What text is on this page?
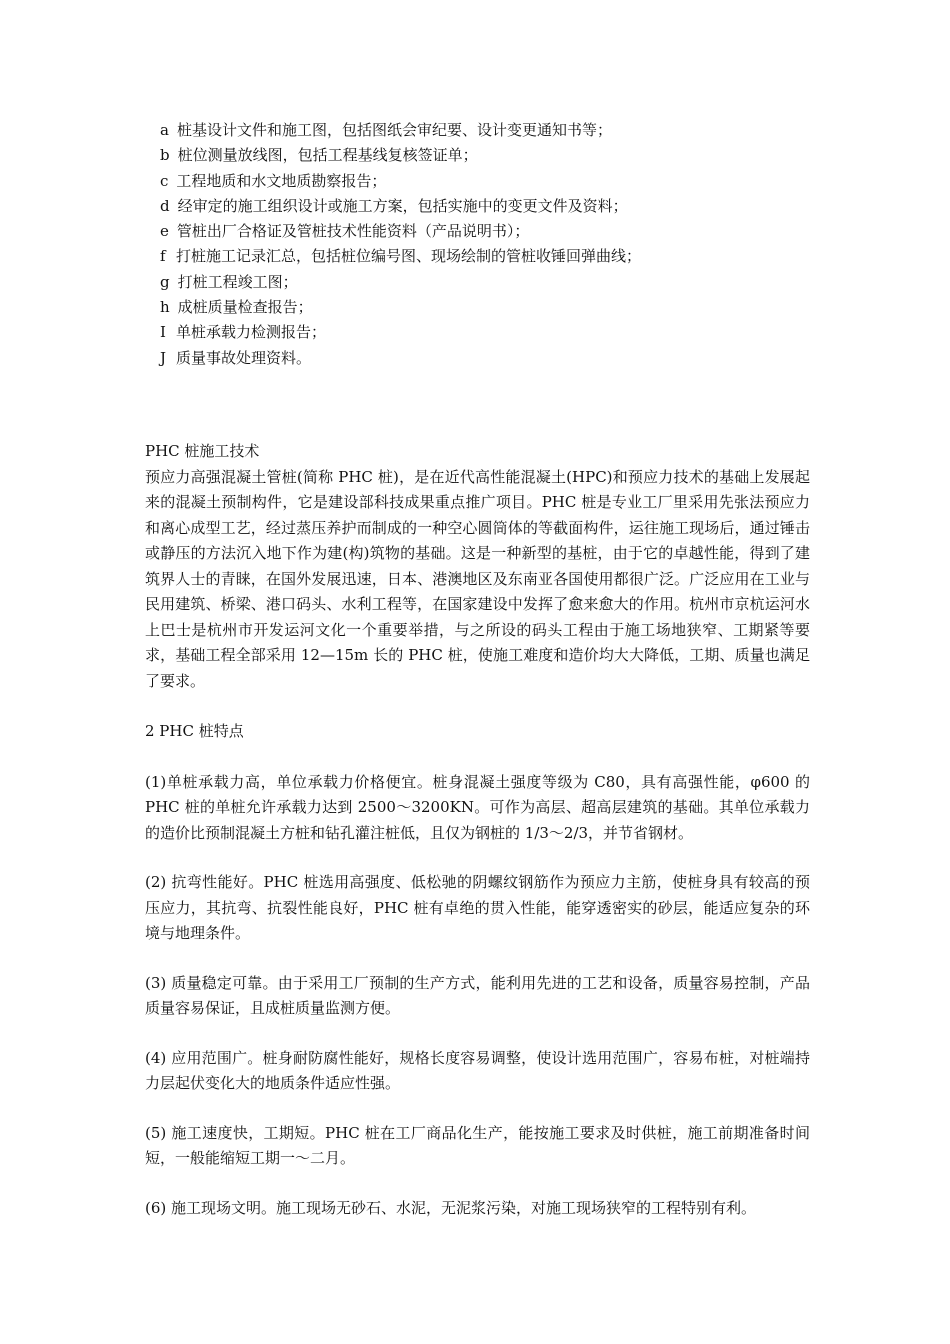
a 桩基设计文件和施工图，包括图纸会审纪要、设计变更通知书等；
b 桩位测量放线图，包括工程基线复核签证单；
c 工程地质和水文地质勘察报告；
d 经审定的施工组织设计或施工方案，包括实施中的变更文件及资料；
e 管桩出厂合格证及管桩技术性能资料（产品说明书）；
f 打桩施工记录汇总，包括桩位编号图、现场绘制的管桩收锤回弹曲线；
g 打桩工程竣工图；
h 成桩质量检查报告；
I 单桩承载力检测报告；
J 质量事故处理资料。
PHC 桩施工技术

预应力高强混凝土管桩(简称 PHC 桩)，是在近代高性能混凝土(HPC)和预应力技术的基础上发展起来的混凝土预制构件，它是建设部科技成果重点推广项目。PHC 桩是专业工厂里采用先张法预应力和离心成型工艺，经过蒸压养护而制成的一种空心圆筒体的等截面构件，运往施工现场后，通过锤击或静压的方法沉入地下作为建(构)筑物的基础。这是一种新型的基桩，由于它的卓越性能，得到了建筑界人士的青睐，在国外发展迅速，日本、港澳地区及东南亚各国使用都很广泛。广泛应用在工业与民用建筑、桥梁、港口码头、水利工程等，在国家建设中发挥了愈来愈大的作用。杭州市京杭运河水上巴士是杭州市开发运河文化一个重要举措，与之所设的码头工程由于施工场地狭窄、工期紧等要求，基础工程全部采用 12—15m 长的 PHC 桩，使施工难度和造价均大大降低，工期、质量也满足了要求。

2 PHC 桩特点

(1)单桩承载力高，单位承载力价格便宜。桩身混凝土强度等级为 C80，具有高强性能，φ600 的 PHC 桩的单桩允许承载力达到 2500～3200KN。可作为高层、超高层建筑的基础。其单位承载力的造价比预制混凝土方桩和钻孔灌注桩低，且仅为钢桩的 1/3～2/3，并节省钢材。

(2) 抗弯性能好。PHC 桩选用高强度、低松驰的阴螺纹钢筋作为预应力主筋，使桩身具有较高的预压应力，其抗弯、抗裂性能良好，PHC 桩有卓绝的贯入性能，能穿透密实的砂层，能适应复杂的环境与地理条件。

(3) 质量稳定可靠。由于采用工厂预制的生产方式，能利用先进的工艺和设备，质量容易控制，产品质量容易保证，且成桩质量监测方便。

(4) 应用范围广。桩身耐防腐性能好，规格长度容易调整，使设计选用范围广，容易布桩，对桩端持力层起伏变化大的地质条件适应性强。

(5) 施工速度快，工期短。PHC 桩在工厂商品化生产，能按施工要求及时供桩，施工前期准备时间短，一般能缩短工期一～二月。

(6) 施工现场文明。施工现场无砂石、水泥，无泥浆污染，对施工现场狭窄的工程特别有利。
